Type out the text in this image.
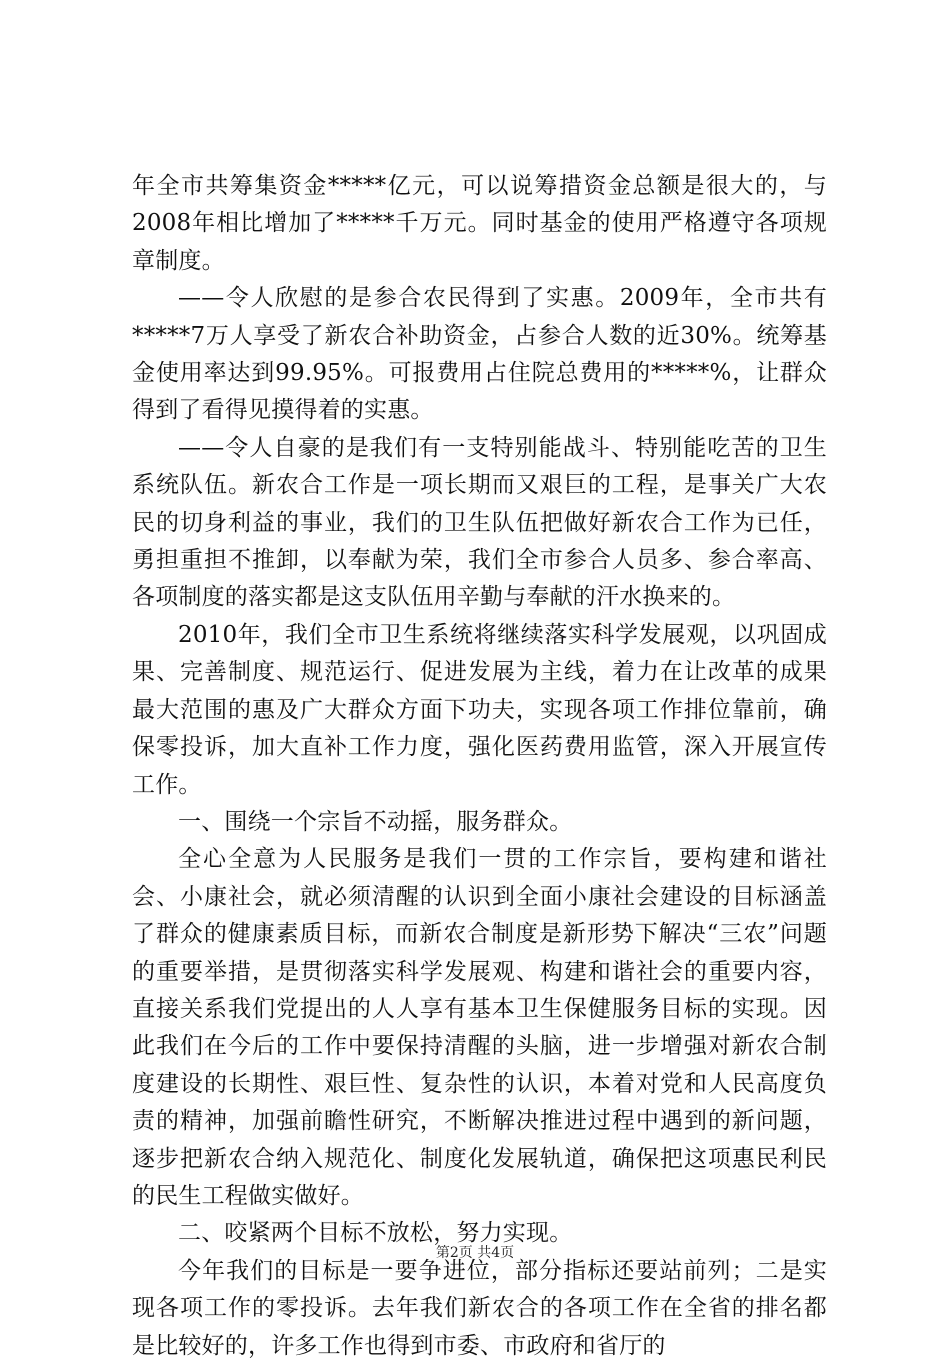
年全市共筹集资金*****亿元，可以说筹措资金总额是很大的，与2008年相比增加了*****千万元。同时基金的使用严格遵守各项规章制度。

——令人欣慰的是参合农民得到了实惠。2009年，全市共有*****7万人享受了新农合补助资金，占参合人数的近30%。统筹基金使用率达到99.95%。可报费用占住院总费用的*****%，让群众得到了看得见摸得着的实惠。

——令人自豪的是我们有一支特别能战斗、特别能吃苦的卫生系统队伍。新农合工作是一项长期而又艰巨的工程，是事关广大农民的切身利益的事业，我们的卫生队伍把做好新农合工作为已任，勇担重担不推卸，以奉献为荣，我们全市参合人员多、参合率高、各项制度的落实都是这支队伍用辛勤与奉献的汗水换来的。

2010年，我们全市卫生系统将继续落实科学发展观，以巩固成果、完善制度、规范运行、促进发展为主线，着力在让改革的成果最大范围的惠及广大群众方面下功夫，实现各项工作排位靠前，确保零投诉，加大直补工作力度，强化医药费用监管，深入开展宣传工作。

一、围绕一个宗旨不动摇，服务群众。

全心全意为人民服务是我们一贯的工作宗旨，要构建和谐社会、小康社会，就必须清醒的认识到全面小康社会建设的目标涵盖了群众的健康素质目标，而新农合制度是新形势下解决“三农”问题的重要举措，是贯彻落实科学发展观、构建和谐社会的重要内容，直接关系我们党提出的人人享有基本卫生保健服务目标的实现。因此我们在今后的工作中要保持清醒的头脑，进一步增强对新农合制度建设的长期性、艰巨性、复杂性的认识，本着对党和人民高度负责的精神，加强前瞻性研究，不断解决推进过程中遇到的新问题，逐步把新农合纳入规范化、制度化发展轨道，确保把这项惠民利民的民生工程做实做好。

二、咬紧两个目标不放松，努力实现。

今年我们的目标是一要争进位，部分指标还要站前列；二是实现各项工作的零投诉。去年我们新农合的各项工作在全省的排名都是比较好的，许多工作也得到市委、市政府和省厅的

第2页 共4页
